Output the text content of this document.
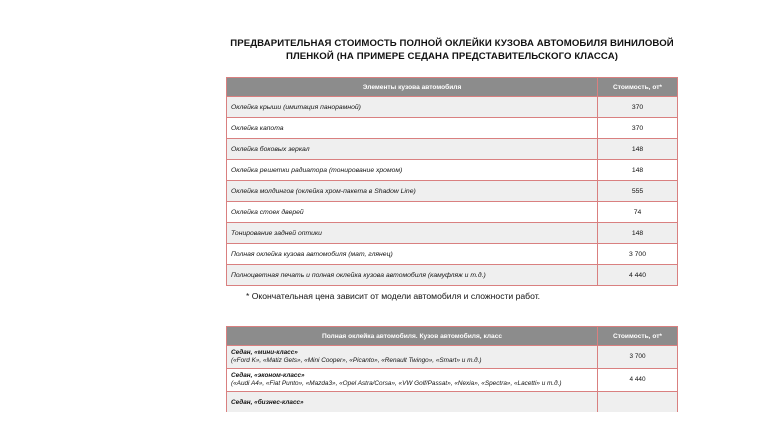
ПРЕДВАРИТЕЛЬНАЯ СТОИМОСТЬ ПОЛНОЙ ОКЛЕЙКИ КУЗОВА АВТОМОБИЛЯ ВИНИЛОВОЙ ПЛЕНКОЙ (НА ПРИМЕРЕ СЕДАНА ПРЕДСТАВИТЕЛЬСКОГО КЛАССА)
Элементы кузова автомобиля	Стоимость, от*
Оклейка крыши (имитация панорамной)	370
Оклейка капота	370
Оклейка боковых зеркал	148
Оклейка решетки радиатора (тонирование хромом)	148
Оклейка молдингов (оклейка хром-пакета в Shadow Line)	555
Оклейка стоек дверей	74
Тонирование задней оптики	148
Полная оклейка кузова автомобиля (мат, глянец)	3 700
Полноцветная печать и полная оклейка кузова автомобиля (камуфляж и т.д.)	4 440
* Окончательная цена зависит от модели автомобиля и сложности работ.
Полная оклейка автомобиля. Кузов автомобиля, класс	Стоимость, от*

Седан, «мини-класс»
(«Ford K», «Matiz Gets», «Mini Cooper», «Picanto», «Renault Twingo», «Smart» и т.д.)	3 700

Седан, «эконом-класс»
(«Audi A4», «Fiat Punto», «Mazda3», «Opel Astra/Corsa», «VW Golf/Passat», «Nexia», «Spectra», «Lacetti» и т.д.)	4 440

Седан, «бизнес-класс»	
